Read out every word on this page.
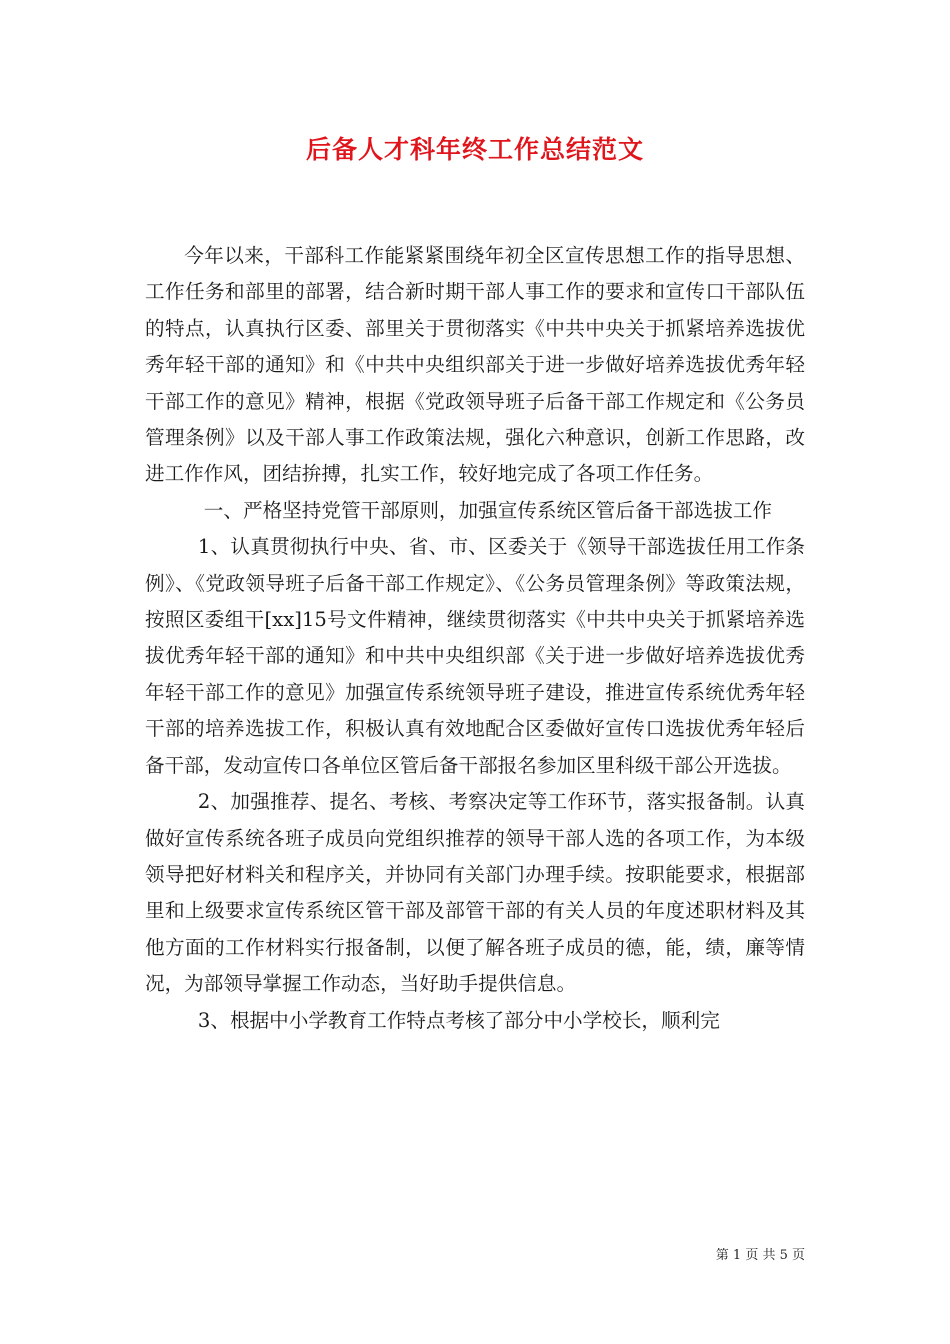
后备人才科年终工作总结范文

今年以来，干部科工作能紧紧围绕年初全区宣传思想工作的指导思想、工作任务和部里的部署，结合新时期干部人事工作的要求和宣传口干部队伍的特点，认真执行区委、部里关于贯彻落实《中共中央关于抓紧培养选拔优秀年轻干部的通知》和《中共中央组织部关于进一步做好培养选拔优秀年轻干部工作的意见》精神，根据《党政领导班子后备干部工作规定和《公务员管理条例》以及干部人事工作政策法规，强化六种意识，创新工作思路，改进工作作风，团结拚搏，扎实工作，较好地完成了各项工作任务。

一、严格坚持党管干部原则，加强宣传系统区管后备干部选拔工作

1、认真贯彻执行中央、省、市、区委关于《领导干部选拔任用工作条例》、《党政领导班子后备干部工作规定》、《公务员管理条例》等政策法规，按照区委组干[xx]15号文件精神，继续贯彻落实《中共中央关于抓紧培养选拔优秀年轻干部的通知》和中共中央组织部《关于进一步做好培养选拔优秀年轻干部工作的意见》加强宣传系统领导班子建设，推进宣传系统优秀年轻干部的培养选拔工作，积极认真有效地配合区委做好宣传口选拔优秀年轻后备干部，发动宣传口各单位区管后备干部报名参加区里科级干部公开选拔。

2、加强推荐、提名、考核、考察决定等工作环节，落实报备制。认真做好宣传系统各班子成员向党组织推荐的领导干部人选的各项工作，为本级领导把好材料关和程序关，并协同有关部门办理手续。按职能要求，根据部里和上级要求宣传系统区管干部及部管干部的有关人员的年度述职材料及其他方面的工作材料实行报备制，以便了解各班子成员的德，能，绩，廉等情况，为部领导掌握工作动态，当好助手提供信息。

3、根据中小学教育工作特点考核了部分中小学校长，顺利完

第 1 页 共 5 页
